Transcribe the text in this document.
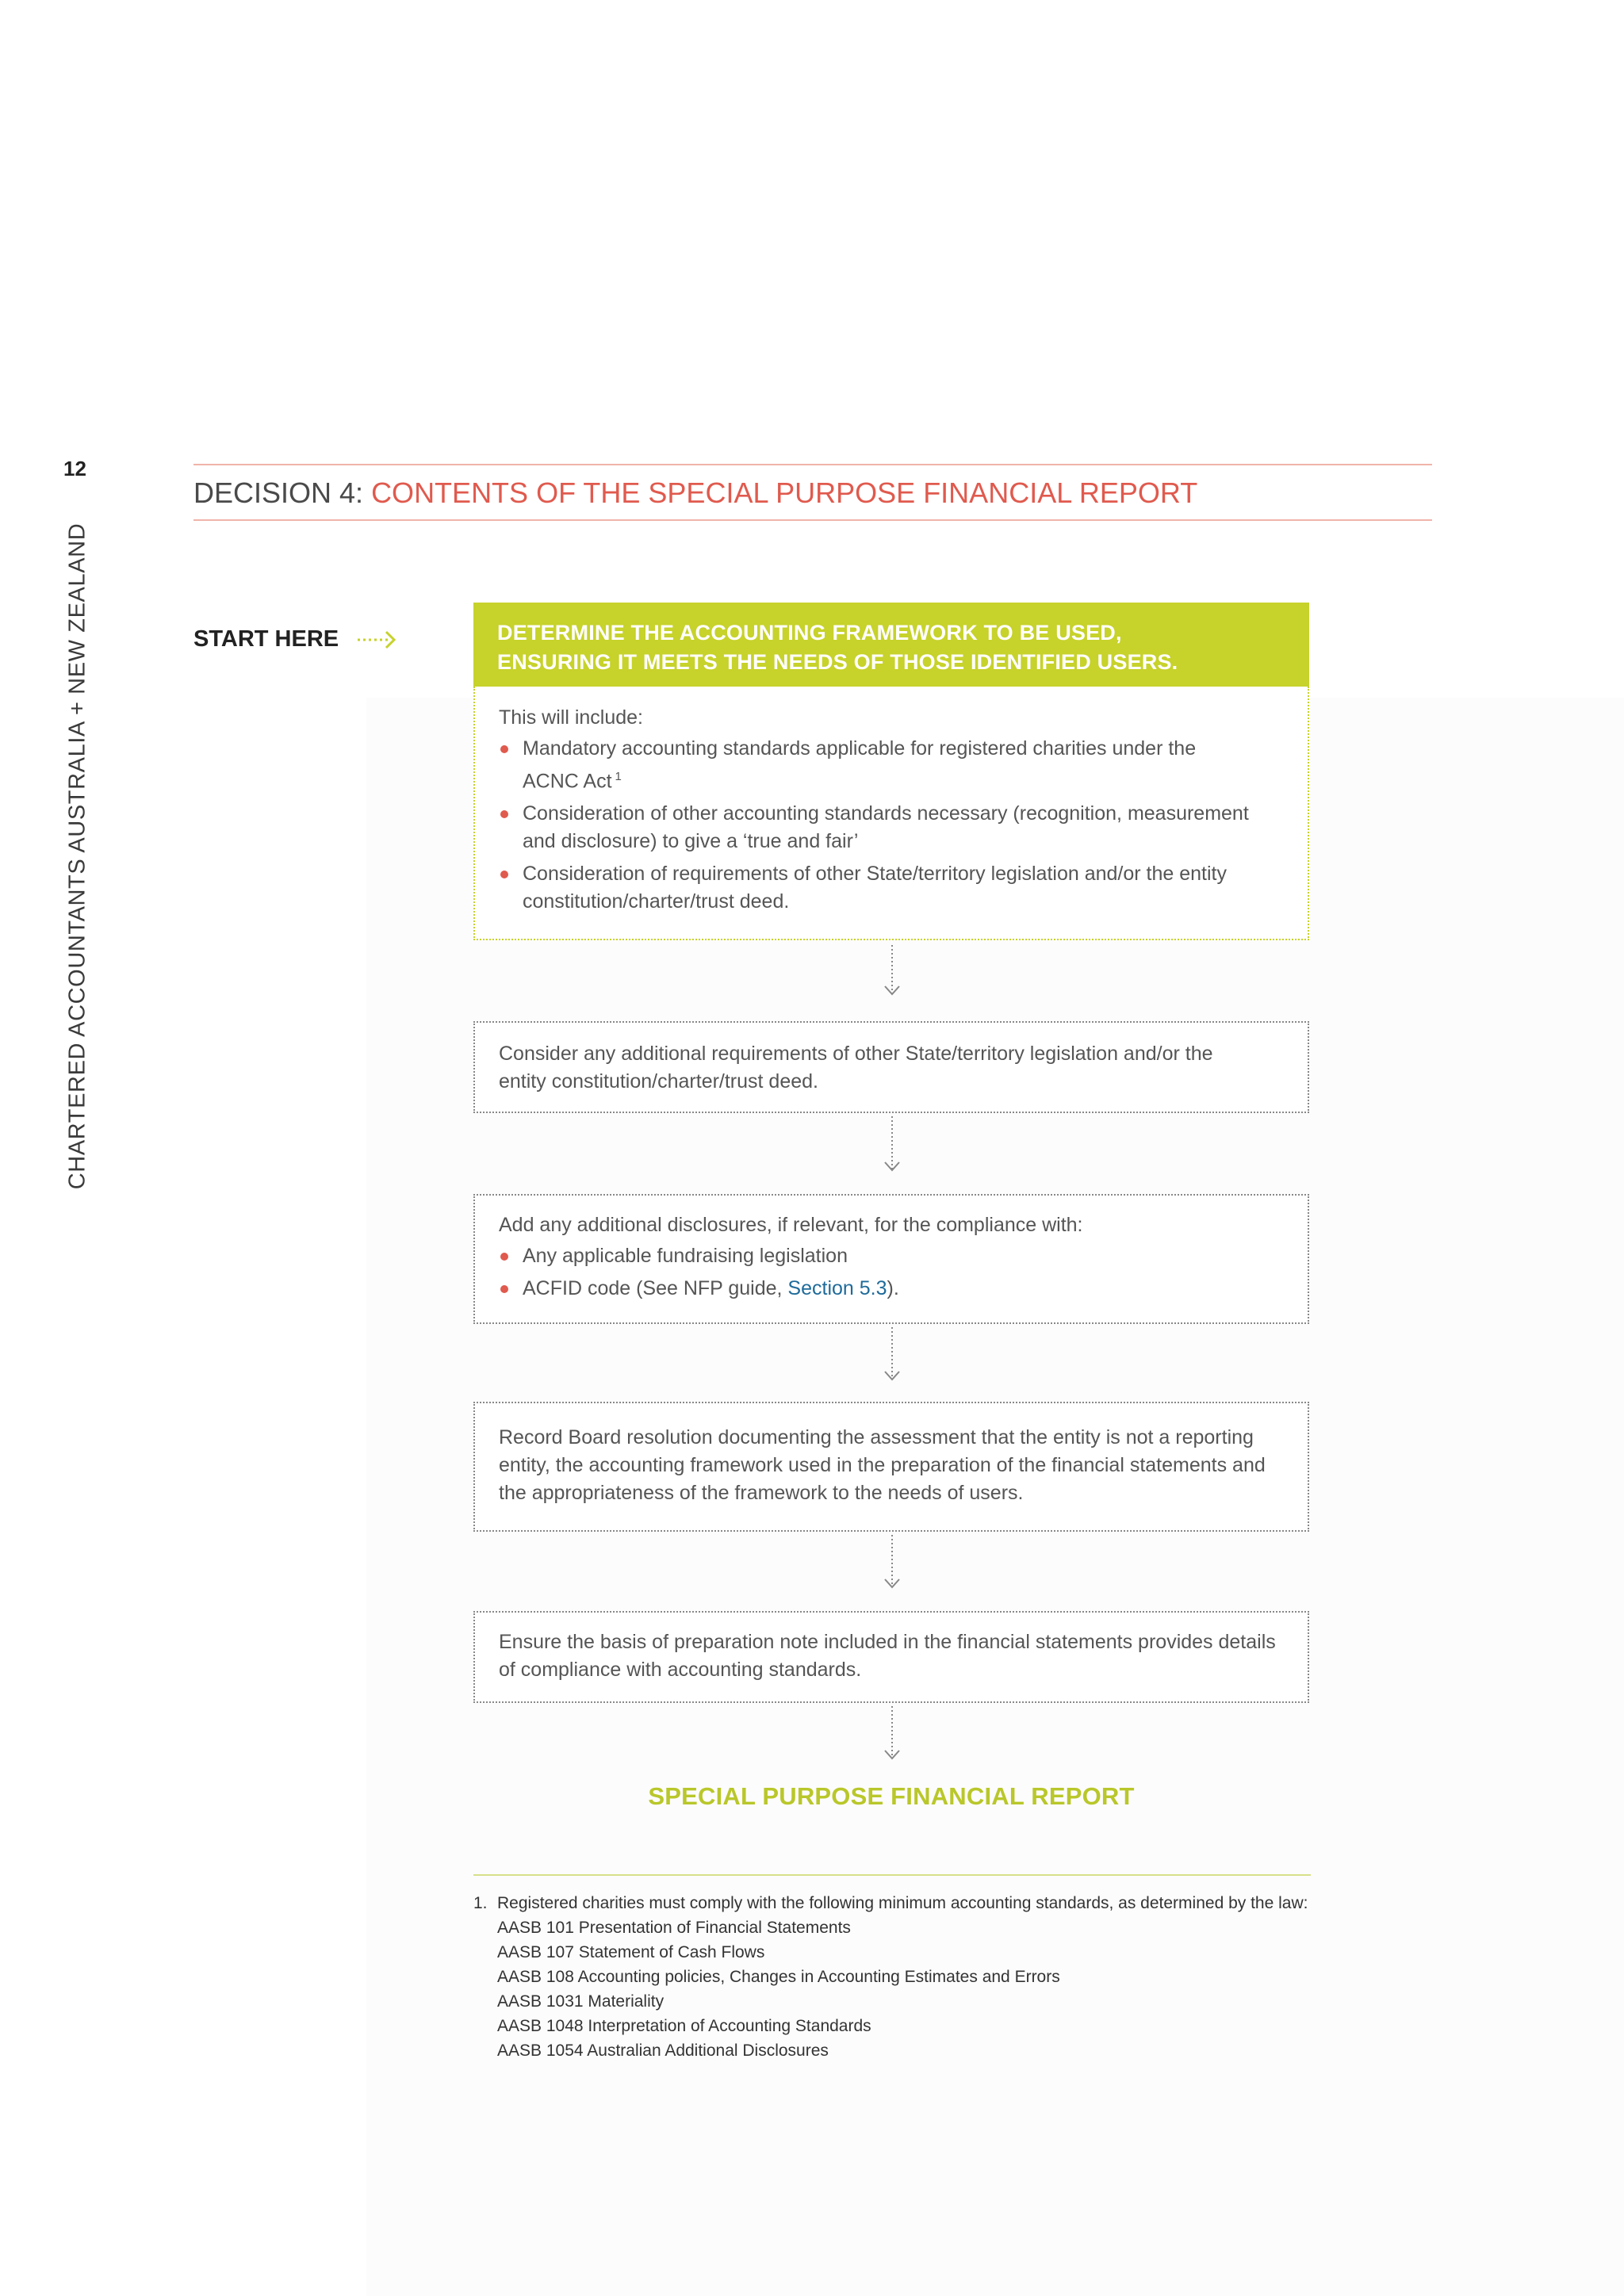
12
CHARTERED ACCOUNTANTS AUSTRALIA + NEW ZEALAND
DECISION 4: CONTENTS OF THE SPECIAL PURPOSE FINANCIAL REPORT
START HERE	DETERMINE THE ACCOUNTING FRAMEWORK TO BE USED,
ENSURING IT MEETS THE NEEDS OF THOSE IDENTIFIED USERS.
This will include:
Mandatory accounting standards applicable for registered charities under the
ACNC Act $^1$
Consideration of other accounting standards necessary (recognition, measurement
and disclosure) to give a ‘true and fair’
Consideration of requirements of other State/territory legislation and/or the entity
constitution/charter/trust deed.
Consider any additional requirements of other State/territory legislation and/or the
entity constitution/charter/trust deed.
Add any additional disclosures, if relevant, for the compliance with:
Any applicable fundraising legislation
ACFID code (See NFP guide, Section 5.3).
Record Board resolution documenting the assessment that the entity is not a reporting
entity, the accounting framework used in the preparation of the financial statements and
the appropriateness of the framework to the needs of users.
Ensure the basis of preparation note included in the financial statements provides details
of compliance with accounting standards.
SPECIAL PURPOSE FINANCIAL REPORT
1. Registered charities must comply with the following minimum accounting standards, as determined by the law:
AASB 101 Presentation of Financial Statements
AASB 107 Statement of Cash Flows
AASB 108 Accounting policies, Changes in Accounting Estimates and Errors
AASB 1031 Materiality
AASB 1048 Interpretation of Accounting Standards
AASB 1054 Australian Additional Disclosures
